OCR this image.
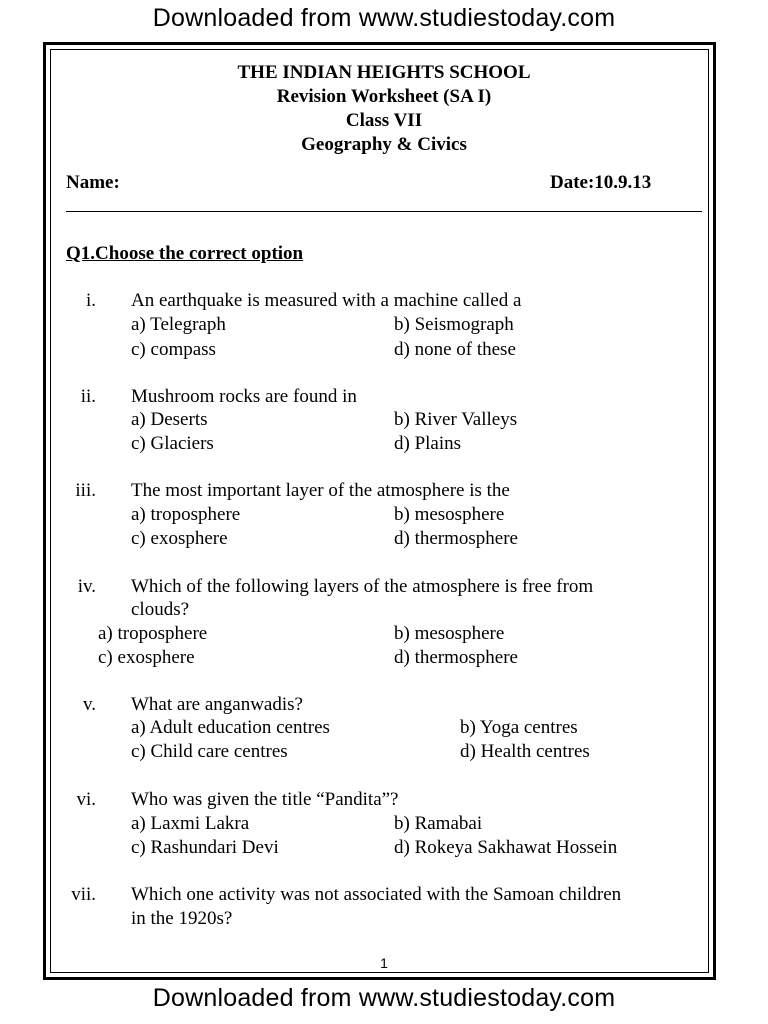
Downloaded from www.studiestoday.com
THE INDIAN HEIGHTS SCHOOL
Revision Worksheet (SA I)
Class VII
Geography & Civics
Name:	Date:10.9.13
Q1.Choose the correct option
i. An earthquake is measured with a machine called a
a) Telegraph	b) Seismograph
c) compass	d) none of these
ii. Mushroom rocks are found in
a) Deserts	b) River Valleys
c) Glaciers	d) Plains
iii. The most important layer of the atmosphere is the
a) troposphere	b) mesosphere
c) exosphere	d) thermosphere
iv. Which of the following layers of the atmosphere is free from
clouds?
a) troposphere	b) mesosphere
c) exosphere	d) thermosphere
v. What are anganwadis?
a) Adult education centres	b) Yoga centres
c) Child care centres	d) Health centres
vi. Who was given the title “Pandita”?
a) Laxmi Lakra	b) Ramabai
c) Rashundari Devi	d) Rokeya Sakhawat Hossein
vii. Which one activity was not associated with the Samoan children
in the 1920s?
1
Downloaded from www.studiestoday.com
